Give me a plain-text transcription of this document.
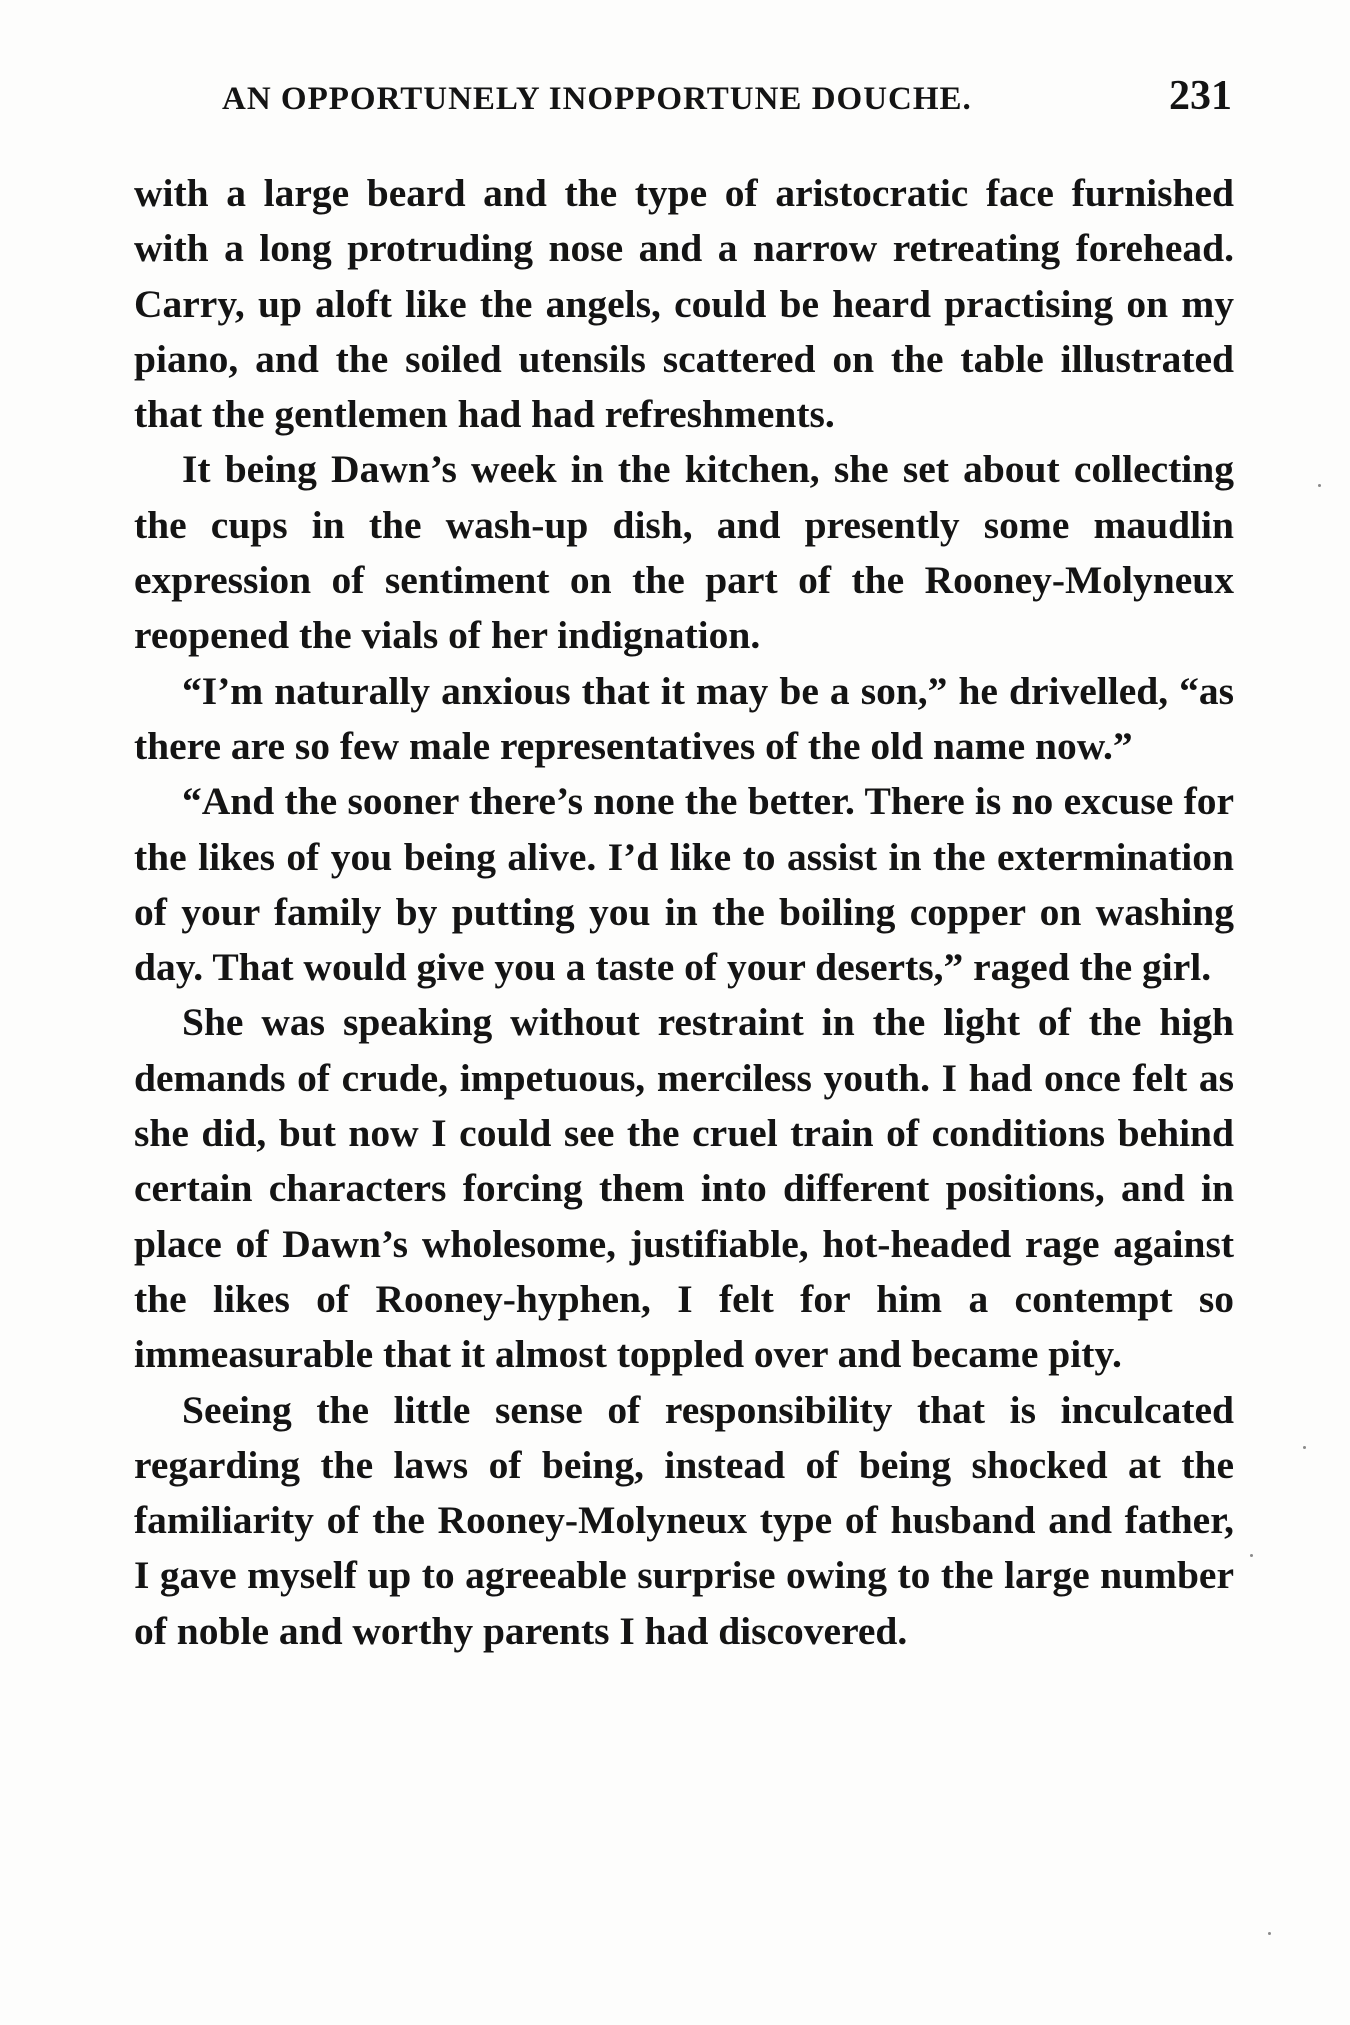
AN OPPORTUNELY INOPPORTUNE DOUCHE.	231

with a large beard and the type of aristocratic face furnished with a long protruding nose and a narrow retreating forehead. Carry, up aloft like the angels, could be heard practising on my piano, and the soiled utensils scattered on the table illustrated that the gentlemen had had refreshments.

It being Dawn’s week in the kitchen, she set about collecting the cups in the wash-up dish, and presently some maudlin expression of sentiment on the part of the Rooney-Molyneux reopened the vials of her indignation.

“I’m naturally anxious that it may be a son,” he drivelled, “as there are so few male representatives of the old name now.”

“And the sooner there’s none the better. There is no excuse for the likes of you being alive. I’d like to assist in the extermination of your family by putting you in the boiling copper on washing day. That would give you a taste of your deserts,” raged the girl.

She was speaking without restraint in the light of the high demands of crude, impetuous, merciless youth. I had once felt as she did, but now I could see the cruel train of conditions behind certain characters forcing them into different positions, and in place of Dawn’s wholesome, justifiable, hot-headed rage against the likes of Rooney-hyphen, I felt for him a contempt so immeasurable that it almost toppled over and became pity.

Seeing the little sense of responsibility that is inculcated regarding the laws of being, instead of being shocked at the familiarity of the Rooney-Molyneux type of husband and father, I gave myself up to agreeable surprise owing to the large number of noble and worthy parents I had discovered.
